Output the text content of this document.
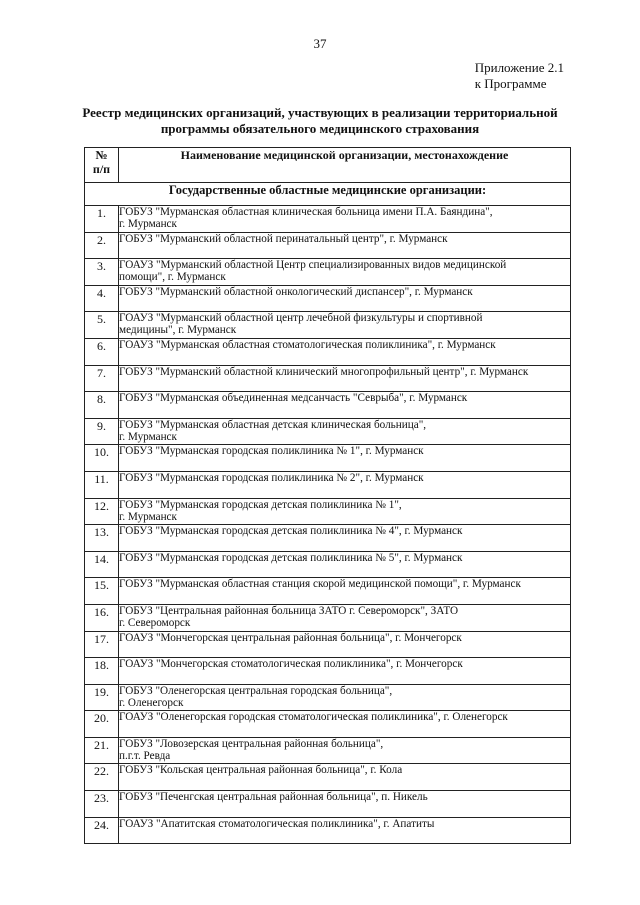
37
Приложение 2.1
к Программе
Реестр медицинских организаций, участвующих в реализации территориальной
программы обязательного медицинского страхования
№
п/п	Наименование медицинской организации, местонахождение
Государственные областные медицинские организации:	
1.	ГОБУЗ "Мурманская областная клиническая больница имени П.А. Баяндина",
г. Мурманск

2.	ГОБУЗ "Мурманский областной перинатальный центр", г. Мурманск

3.	ГОАУЗ "Мурманский областной Центр специализированных видов медицинской
помощи", г. Мурманск

4.	ГОБУЗ "Мурманский областной онкологический диспансер", г. Мурманск

5.	ГОАУЗ "Мурманский областной центр лечебной физкультуры и спортивной
медицины", г. Мурманск

6.	ГОАУЗ "Мурманская областная стоматологическая поликлиника", г. Мурманск

7.	ГОБУЗ "Мурманский областной клинический многопрофильный центр", г. Мурманск

8.	ГОБУЗ "Мурманская объединенная медсанчасть "Севрыба", г. Мурманск

9.	ГОБУЗ "Мурманская областная детская клиническая больница",
г. Мурманск

10.	ГОБУЗ "Мурманская городская поликлиника № 1", г. Мурманск

11.	ГОБУЗ "Мурманская городская поликлиника № 2", г. Мурманск

12.	ГОБУЗ "Мурманская городская детская поликлиника № 1",
г. Мурманск

13.	ГОБУЗ "Мурманская городская детская поликлиника № 4", г. Мурманск

14.	ГОБУЗ "Мурманская городская детская поликлиника № 5", г. Мурманск

15.	ГОБУЗ "Мурманская областная станция скорой медицинской помощи", г. Мурманск

16.	ГОБУЗ "Центральная районная больница ЗАТО г. Североморск", ЗАТО
г. Североморск

17.	ГОАУЗ "Мончегорская центральная районная больница", г. Мончегорск

18.	ГОАУЗ "Мончегорская стоматологическая поликлиника", г. Мончегорск

19.	ГОБУЗ "Оленегорская центральная городская больница",
г. Оленегорск

20.	ГОАУЗ "Оленегорская городская стоматологическая поликлиника", г. Оленегорск

21.	ГОБУЗ "Ловозерская центральная районная больница",
п.г.т. Ревда

22.	ГОБУЗ "Кольская центральная районная больница", г. Кола

23.	ГОБУЗ "Печенгская центральная районная больница", п. Никель

24.	ГОАУЗ "Апатитская стоматологическая поликлиника", г. Апатиты
